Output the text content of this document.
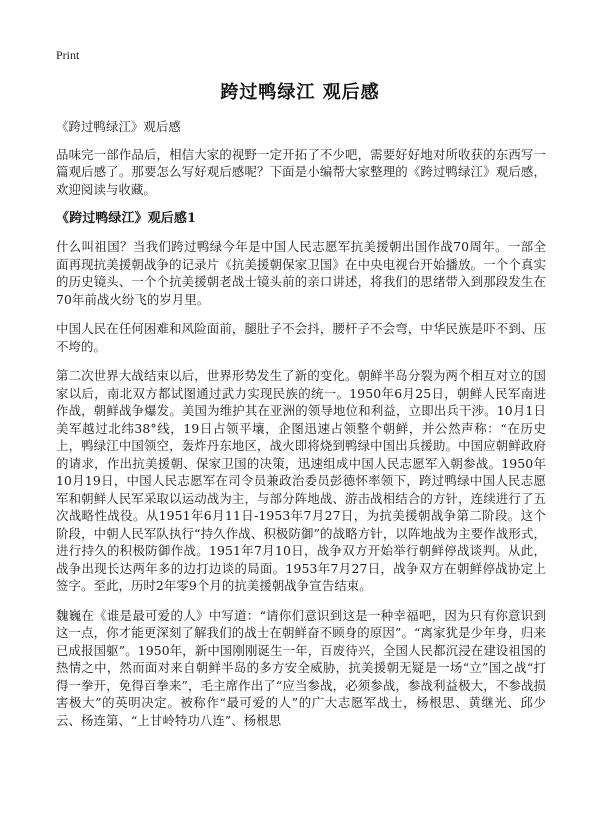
Print
跨过鸭绿江 观后感

《跨过鸭绿江》观后感

品味完一部作品后，相信大家的视野一定开拓了不少吧，需要好好地对所收获的东西写一篇观后感了。那要怎么写好观后感呢？下面是小编帮大家整理的《跨过鸭绿江》观后感，欢迎阅读与收藏。

《跨过鸭绿江》观后感1

什么叫祖国？当我们跨过鸭绿今年是中国人民志愿军抗美援朝出国作战70周年。一部全面再现抗美援朝战争的记录片《抗美援朝保家卫国》在中央电视台开始播放。一个个真实的历史镜头、一个个抗美援朝老战士镜头前的亲口讲述，将我们的思绪带入到那段发生在70年前战火纷飞的岁月里。

中国人民在任何困难和风险面前，腿肚子不会抖，腰杆子不会弯，中华民族是吓不到、压不垮的。

第二次世界大战结束以后，世界形势发生了新的变化。朝鲜半岛分裂为两个相互对立的国家以后，南北双方都试图通过武力实现民族的统一。1950年6月25日，朝鲜人民军南进作战，朝鲜战争爆发。美国为维护其在亚洲的领导地位和利益，立即出兵干涉。10月1日美军越过北纬38°线，19日占领平壤，企图迅速占领整个朝鲜，并公然声称：“在历史上，鸭绿江中国领空，轰炸丹东地区，战火即将烧到鸭绿中国出兵援助。中国应朝鲜政府的请求，作出抗美援朝、保家卫国的决策，迅速组成中国人民志愿军入朝参战。1950年10月19日，中国人民志愿军在司令员兼政治委员彭德怀率领下，跨过鸭绿中国人民志愿军和朝鲜人民军采取以运动战为主，与部分阵地战、游击战相结合的方针，连续进行了五次战略性战役。从1951年6月11日-1953年7月27日，为抗美援朝战争第二阶段。这个阶段，中朝人民军队执行“持久作战、积极防御”的战略方针，以阵地战为主要作战形式，进行持久的积极防御作战。1951年7月10日，战争双方开始举行朝鲜停战谈判。从此，战争出现长达两年多的边打边谈的局面。1953年7月27日，战争双方在朝鲜停战协定上签字。至此，历时2年零9个月的抗美援朝战争宣告结束。

魏巍在《谁是最可爱的人》中写道：“请你们意识到这是一种幸福吧，因为只有你意识到这一点，你才能更深刻了解我们的战士在朝鲜奋不顾身的原因”。“离家犹是少年身，归来已成报国躯”。1950年，新中国刚刚诞生一年，百废待兴，全国人民都沉浸在建设祖国的热情之中，然而面对来自朝鲜半岛的多方安全威胁，抗美援朝无疑是一场“立”国之战“打得一拳开，免得百拳来”，毛主席作出了“应当参战，必须参战，参战利益极大，不参战损害极大”的英明决定。被称作“最可爱的人”的广大志愿军战士，杨根思、黄继光、邱少云、杨连第、“上甘岭特功八连”、杨根思
